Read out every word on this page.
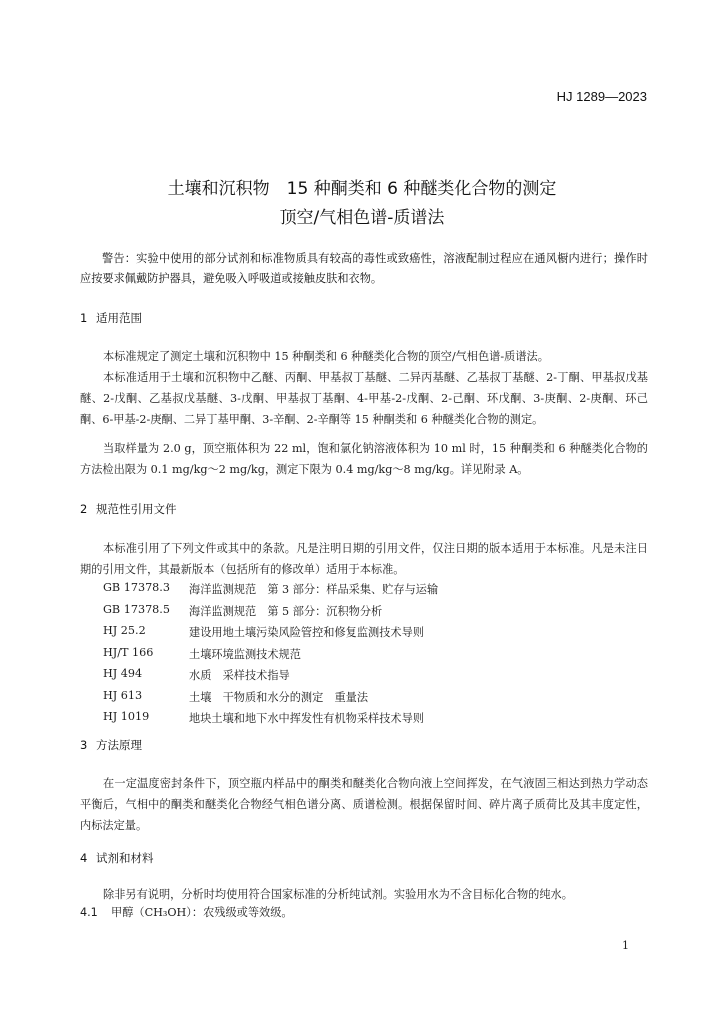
HJ 1289—2023
土壤和沉积物　15 种酮类和 6 种醚类化合物的测定
顶空/气相色谱-质谱法
警告：实验中使用的部分试剂和标准物质具有较高的毒性或致癌性，溶液配制过程应在通风橱内进行；操作时应按要求佩戴防护器具，避免吸入呼吸道或接触皮肤和衣物。
1 适用范围

本标准规定了测定土壤和沉积物中 15 种酮类和 6 种醚类化合物的顶空/气相色谱-质谱法。

本标准适用于土壤和沉积物中乙醚、丙酮、甲基叔丁基醚、二异丙基醚、乙基叔丁基醚、2-丁酮、甲基叔戊基醚、2-戊酮、乙基叔戊基醚、3-戊酮、甲基叔丁基酮、4-甲基-2-戊酮、2-己酮、环戊酮、3-庚酮、2-庚酮、环己酮、6-甲基-2-庚酮、二异丁基甲酮、3-辛酮、2-辛酮等 15 种酮类和 6 种醚类化合物的测定。

当取样量为 2.0 g，顶空瓶体积为 22 ml，饱和氯化钠溶液体积为 10 ml 时，15 种酮类和 6 种醚类化合物的方法检出限为 0.1 mg/kg～2 mg/kg，测定下限为 0.4 mg/kg～8 mg/kg。详见附录 A。

2 规范性引用文件

本标准引用了下列文件或其中的条款。凡是注明日期的引用文件，仅注日期的版本适用于本标准。凡是未注日期的引用文件，其最新版本（包括所有的修改单）适用于本标准。

GB 17378.3	海洋监测规范　第 3 部分：样品采集、贮存与运输
GB 17378.5	海洋监测规范　第 5 部分：沉积物分析
HJ 25.2	建设用地土壤污染风险管控和修复监测技术导则
HJ/T 166	土壤环境监测技术规范
HJ 494	水质　采样技术指导
HJ 613	土壤　干物质和水分的测定　重量法
HJ 1019	地块土壤和地下水中挥发性有机物采样技术导则
3 方法原理

在一定温度密封条件下，顶空瓶内样品中的酮类和醚类化合物向液上空间挥发，在气液固三相达到热力学动态平衡后，气相中的酮类和醚类化合物经气相色谱分离、质谱检测。根据保留时间、碎片离子质荷比及其丰度定性，内标法定量。

4 试剂和材料

除非另有说明，分析时均使用符合国家标准的分析纯试剂。实验用水为不含目标化合物的纯水。

4.1 甲醇（CH₃OH）：农残级或等效级。
1
